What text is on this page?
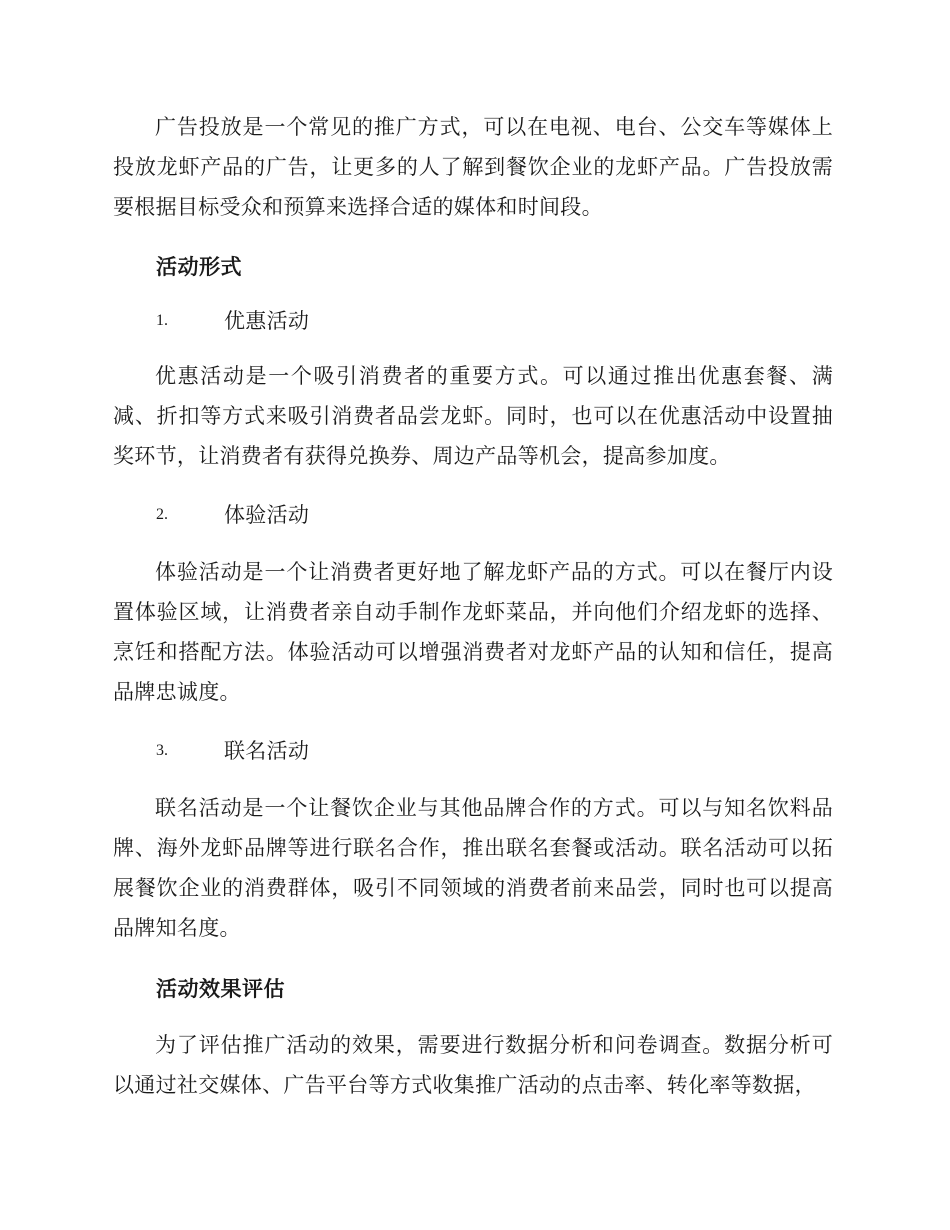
广告投放是一个常见的推广方式，可以在电视、电台、公交车等媒体上投放龙虾产品的广告，让更多的人了解到餐饮企业的龙虾产品。广告投放需要根据目标受众和预算来选择合适的媒体和时间段。

活动形式

1.	优惠活动

优惠活动是一个吸引消费者的重要方式。可以通过推出优惠套餐、满减、折扣等方式来吸引消费者品尝龙虾。同时，也可以在优惠活动中设置抽奖环节，让消费者有获得兑换券、周边产品等机会，提高参加度。

2.	体验活动

体验活动是一个让消费者更好地了解龙虾产品的方式。可以在餐厅内设置体验区域，让消费者亲自动手制作龙虾菜品，并向他们介绍龙虾的选择、烹饪和搭配方法。体验活动可以增强消费者对龙虾产品的认知和信任，提高品牌忠诚度。

3.	联名活动

联名活动是一个让餐饮企业与其他品牌合作的方式。可以与知名饮料品牌、海外龙虾品牌等进行联名合作，推出联名套餐或活动。联名活动可以拓展餐饮企业的消费群体，吸引不同领域的消费者前来品尝，同时也可以提高品牌知名度。

活动效果评估

为了评估推广活动的效果，需要进行数据分析和问卷调查。数据分析可以通过社交媒体、广告平台等方式收集推广活动的点击率、转化率等数据，
